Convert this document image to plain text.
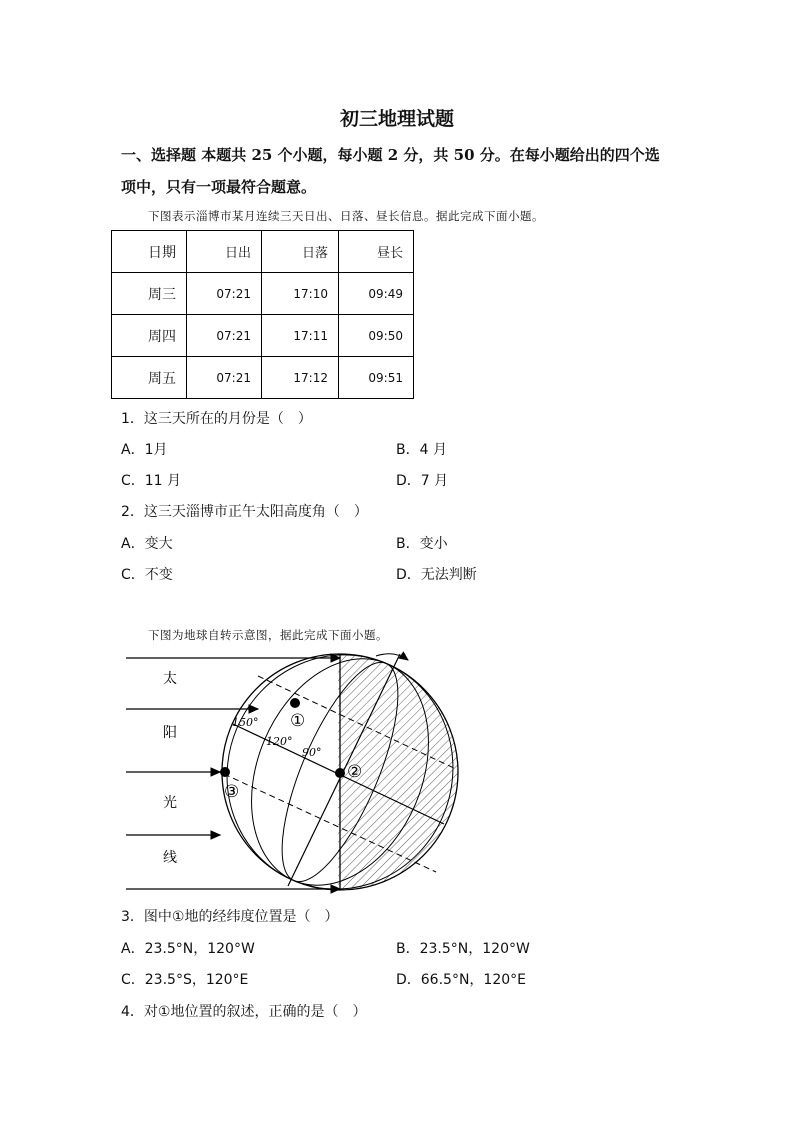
初三地理试题
一、选择题 本题共 25 个小题，每小题 2 分，共 50 分。在每小题给出的四个选
项中，只有一项最符合题意。
下图表示淄博市某月连续三天日出、日落、昼长信息。据此完成下面小题。
日期	日出	日落	昼长
周三	07:21	17:10	09:49
周四	07:21	17:11	09:50
周五	07:21	17:12	09:51
1．这三天所在的月份是（　）
A．1月	B．4 月
C．11 月	D．7 月
2．这三天淄博市正午太阳高度角（　）
A．变大	B．变小
C．不变	D．无法判断
下图为地球自转示意图，据此完成下面小题。
太
阳
光
线
150°
120°
90°
①
②
③
3．图中①地的经纬度位置是（　）
A．23.5°N，120°W	B．23.5°N，120°W
C．23.5°S，120°E	D．66.5°N，120°E
4．对①地位置的叙述，正确的是（　）
